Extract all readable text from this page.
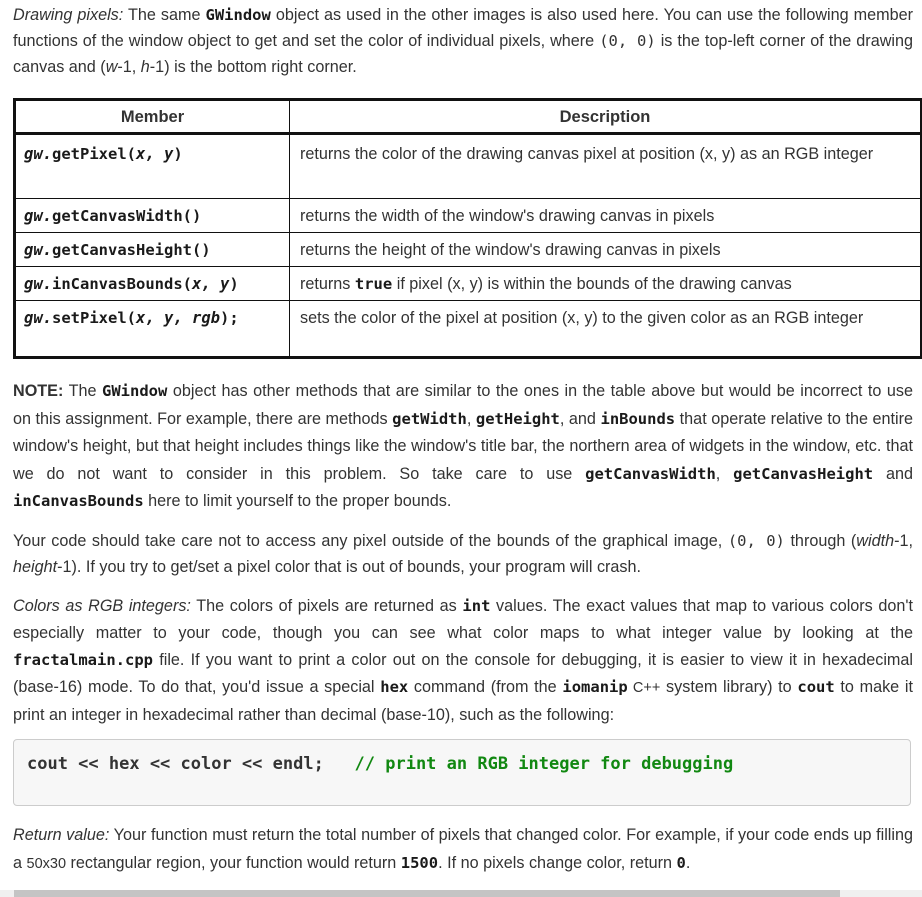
Drawing pixels: The same GWindow object as used in the other images is also used here. You can use the following member functions of the window object to get and set the color of individual pixels, where (0, 0) is the top-left corner of the drawing canvas and (w-1, h-1) is the bottom right corner.

Member	Description
gw.getPixel(x, y)	returns the color of the drawing canvas pixel at position (x, y) as an RGB integer
gw.getCanvasWidth()	returns the width of the window's drawing canvas in pixels
gw.getCanvasHeight()	returns the height of the window's drawing canvas in pixels
gw.inCanvasBounds(x, y)	returns true if pixel (x, y) is within the bounds of the drawing canvas
gw.setPixel(x, y, rgb);	sets the color of the pixel at position (x, y) to the given color as an RGB integer

NOTE: The GWindow object has other methods that are similar to the ones in the table above but would be incorrect to use on this assignment. For example, there are methods getWidth, getHeight, and inBounds that operate relative to the entire window's height, but that height includes things like the window's title bar, the northern area of widgets in the window, etc. that we do not want to consider in this problem. So take care to use getCanvasWidth, getCanvasHeight and inCanvasBounds here to limit yourself to the proper bounds.

Your code should take care not to access any pixel outside of the bounds of the graphical image, (0, 0) through (width-1, height-1). If you try to get/set a pixel color that is out of bounds, your program will crash.

Colors as RGB integers: The colors of pixels are returned as int values. The exact values that map to various colors don't especially matter to your code, though you can see what color maps to what integer value by looking at the fractalmain.cpp file. If you want to print a color out on the console for debugging, it is easier to view it in hexadecimal (base-16) mode. To do that, you'd issue a special hex command (from the iomanip C++ system library) to cout to make it print an integer in hexadecimal rather than decimal (base-10), such as the following:

cout << hex << color << endl; // print an RGB integer for debugging

Return value: Your function must return the total number of pixels that changed color. For example, if your code ends up filling a 50x30 rectangular region, your function would return 1500. If no pixels change color, return 0.
